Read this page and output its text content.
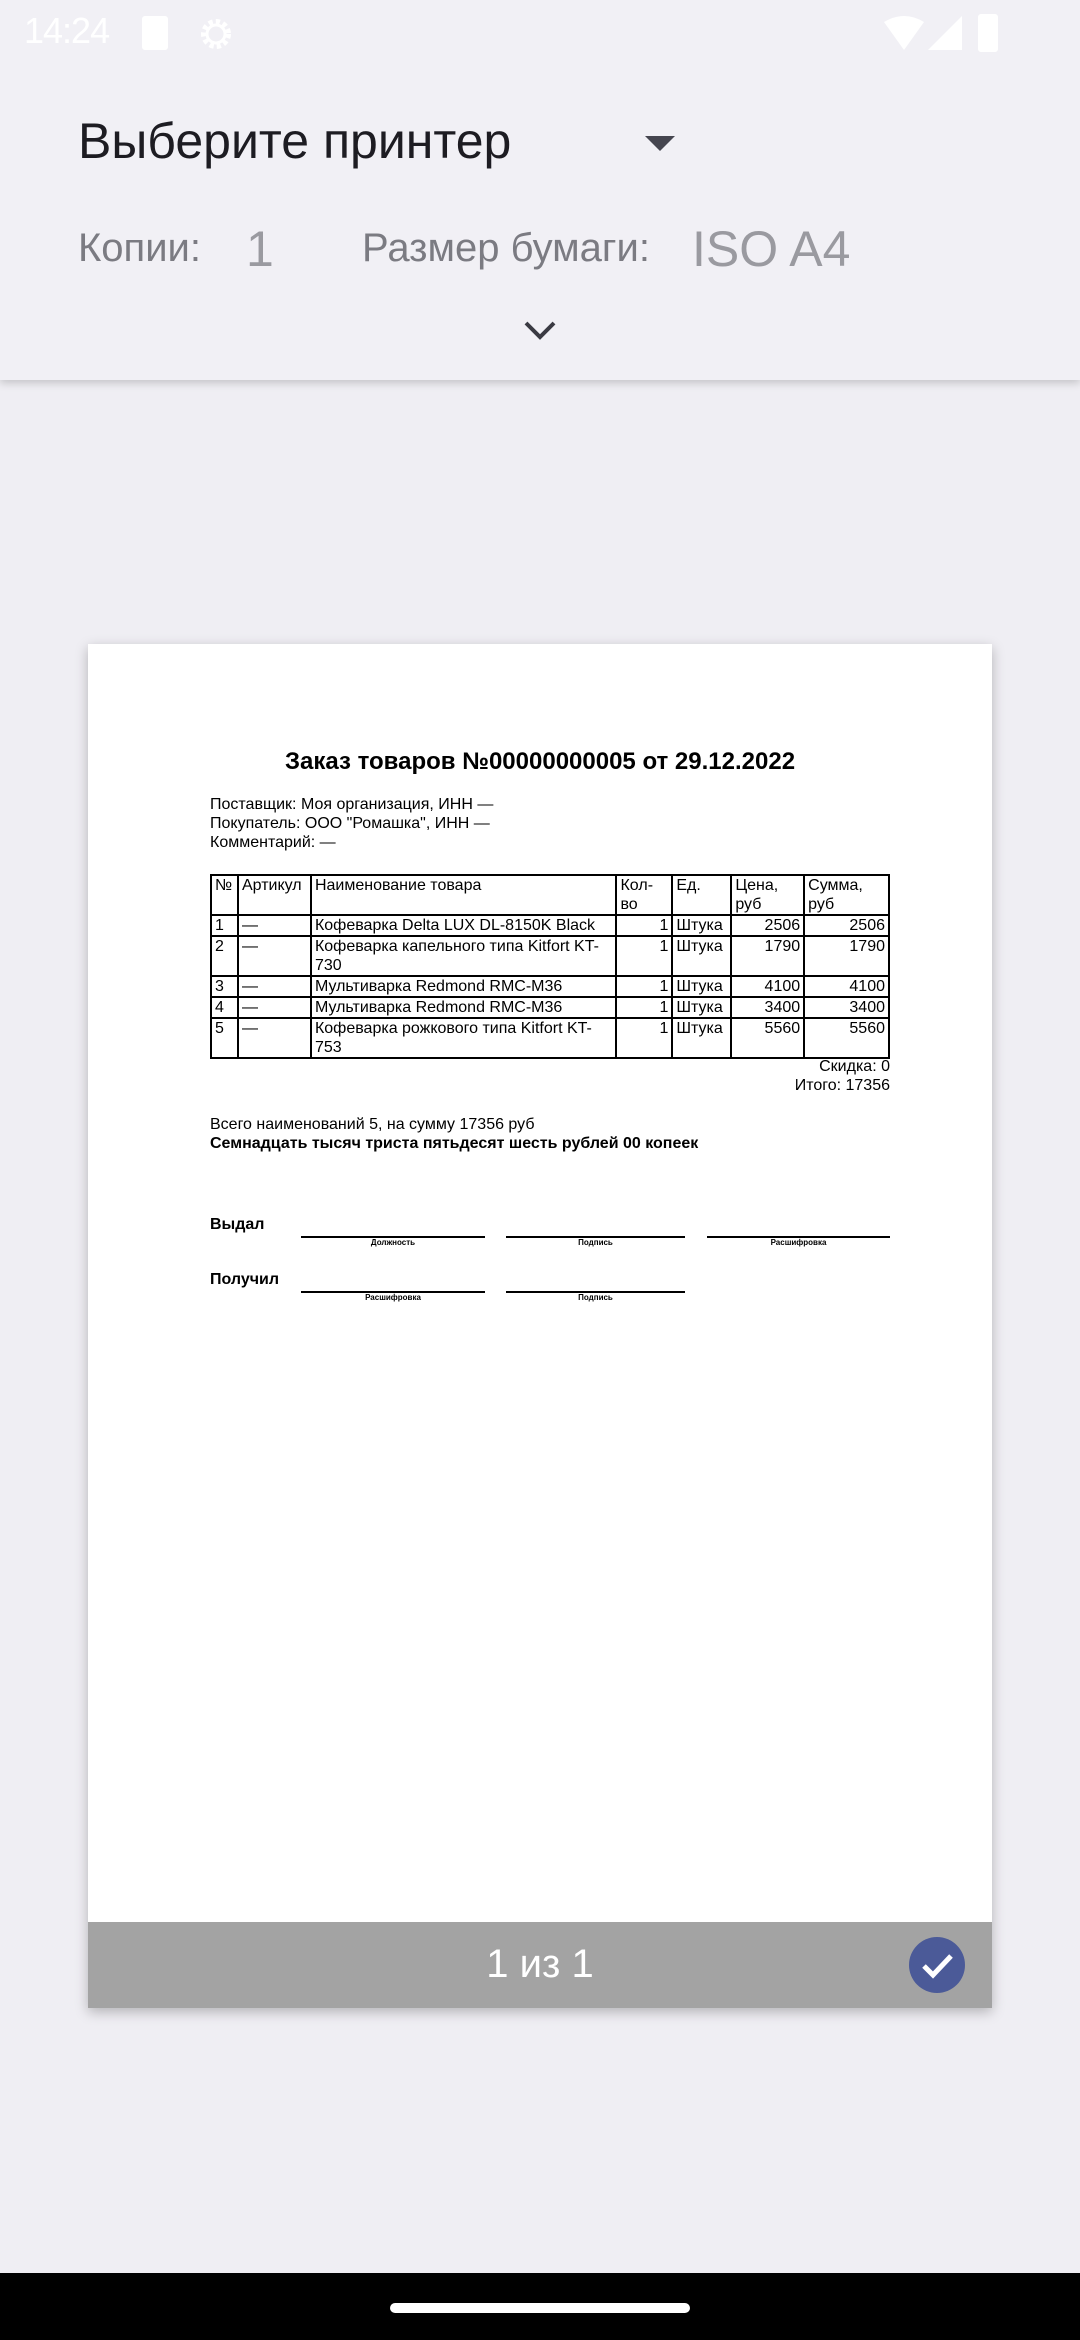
Выберите принтер
Копии: 1 Размер бумаги: ISO A4
14:24
Заказ товаров №00000000005 от 29.12.2022
Поставщик: Моя организация, ИНН —
Покупатель: ООО "Ромашка", ИНН —
Комментарий: —
№	Артикул	Наименование товара	Кол-во	Ед.	Цена, руб	Сумма, руб
1	—	Кофеварка Delta LUX DL-8150K Black	1	Штука	2506	2506
2	—	Кофеварка капельного типа Kitfort KT-730	1	Штука	1790	1790
3	—	Мультиварка Redmond RMC-M36	1	Штука	4100	4100
4	—	Мультиварка Redmond RMC-M36	1	Штука	3400	3400
5	—	Кофеварка рожкового типа Kitfort KT-753	1	Штука	5560	5560
Скидка: 0
Итого: 17356
Всего наименований 5, на сумму 17356 руб
Семнадцать тысяч триста пятьдесят шесть рублей 00 копеек
Выдал
Должность	Подпись	Расшифровка
Получил
Расшифровка	Подпись
1 из 1
